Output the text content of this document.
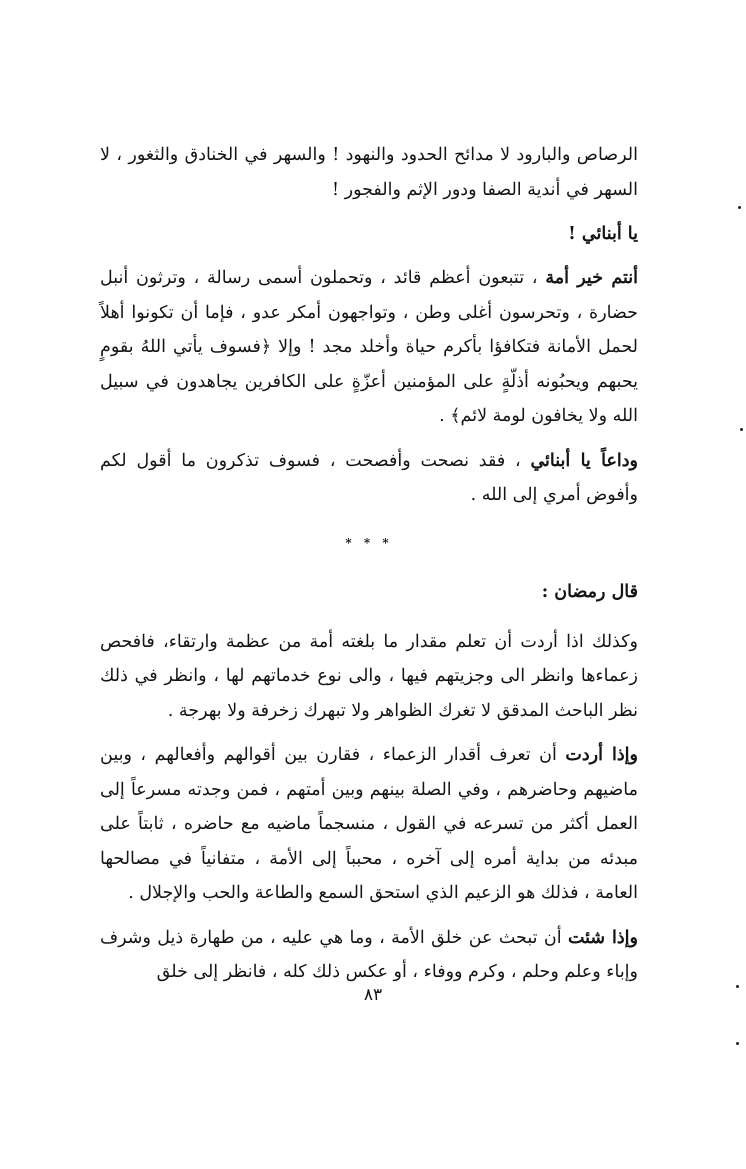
الرصاص والبارود لا مدائح الحدود والنهود ! والسهر في الخنادق والثغور ، لا السهر في أندية الصفا ودور الإثم والفجور !

يا أبنائي !

أنتم خير أمة ، تتبعون أعظم قائد ، وتحملون أسمى رسالة ، وترثون أنبل حضارة ، وتحرسون أغلى وطن ، وتواجهون أمكر عدو ، فإما أن تكونوا أهلاً لحمل الأمانة فتكافؤا بأكرم حياة وأخلد مجد ! وإلا ﴿فسوف يأتي اللهُ بقومٍ يحبهم ويحبُونه أذلّةٍ على المؤمنين أعزّةٍ على الكافرين يجاهدون في سبيل الله ولا يخافون لومة لائم﴾ .

وداعاً يا أبنائي ، فقد نصحت وأفصحت ، فسوف تذكرون ما أقول لكم وأفوض أمري إلى الله .

* * *

قال رمضان :

وكذلك اذا أردت أن تعلم مقدار ما بلغته أمة من عظمة وارتقاء، فافحص زعماءها وانظر الى وجزيتهم فيها ، والى نوع خدماتهم لها ، وانظر في ذلك نظر الباحث المدقق لا تغرك الظواهر ولا تبهرك زخرفة ولا بهرجة .

وإذا أردت أن تعرف أقدار الزعماء ، فقارن بين أقوالهم وأفعالهم ، وبين ماضيهم وحاضرهم ، وفي الصلة بينهم وبين أمتهم ، فمن وجدته مسرعاً إلى العمل أكثر من تسرعه في القول ، منسجماً ماضيه مع حاضره ، ثابتاً على مبدئه من بداية أمره إلى آخره ، محبباً إلى الأمة ، متفانياً في مصالحها العامة ، فذلك هو الزعيم الذي استحق السمع والطاعة والحب والإجلال .

وإذا شئت أن تبحث عن خلق الأمة ، وما هي عليه ، من طهارة ذيل وشرف وإباء وعلم وحلم ، وكرم ووفاء ، أو عكس ذلك كله ، فانظر إلى خلق

٨٣
